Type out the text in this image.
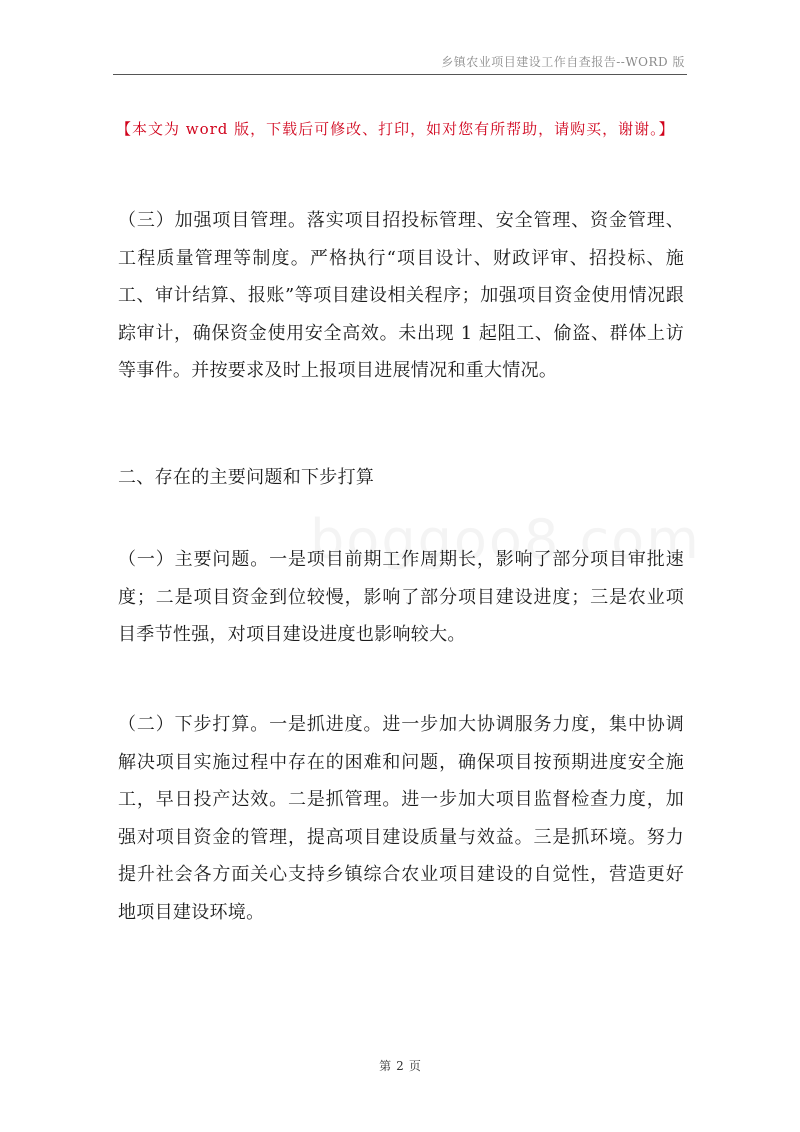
乡镇农业项目建设工作自查报告--WORD 版
【本文为 word 版，下载后可修改、打印，如对您有所帮助，请购买，谢谢。】
（三）加强项目管理。落实项目招投标管理、安全管理、资金管理、工程质量管理等制度。严格执行“项目设计、财政评审、招投标、施工、审计结算、报账”等项目建设相关程序；加强项目资金使用情况跟踪审计，确保资金使用安全高效。未出现 1 起阻工、偷盗、群体上访等事件。并按要求及时上报项目进展情况和重大情况。
二、存在的主要问题和下步打算
（一）主要问题。一是项目前期工作周期长，影响了部分项目审批速度；二是项目资金到位较慢，影响了部分项目建设进度；三是农业项目季节性强，对项目建设进度也影响较大。
（二）下步打算。一是抓进度。进一步加大协调服务力度，集中协调解决项目实施过程中存在的困难和问题，确保项目按预期进度安全施工，早日投产达效。二是抓管理。进一步加大项目监督检查力度，加强对项目资金的管理，提高项目建设质量与效益。三是抓环境。努力提升社会各方面关心支持乡镇综合农业项目建设的自觉性，营造更好地项目建设环境。
第 2 页
